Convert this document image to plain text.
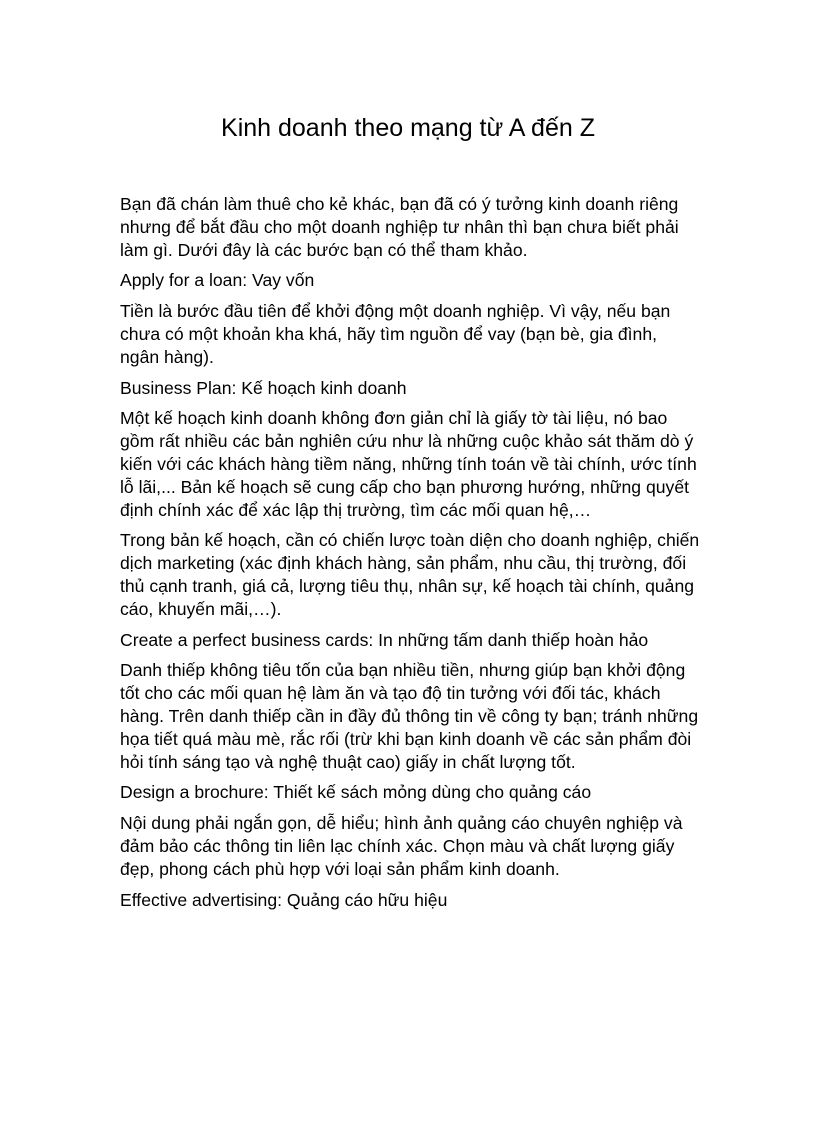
Kinh doanh theo mạng từ A đến Z

Bạn đã chán làm thuê cho kẻ khác, bạn đã có ý tưởng kinh doanh riêng nhưng để bắt đầu cho một doanh nghiệp tư nhân thì bạn chưa biết phải làm gì. Dưới đây là các bước bạn có thể tham khảo.

Apply for a loan: Vay vốn

Tiền là bước đầu tiên để khởi động một doanh nghiệp. Vì vậy, nếu bạn chưa có một khoản kha khá, hãy tìm nguồn để vay (bạn bè, gia đình, ngân hàng).

Business Plan: Kế hoạch kinh doanh

Một kế hoạch kinh doanh không đơn giản chỉ là giấy tờ tài liệu, nó bao gồm rất nhiều các bản nghiên cứu như là những cuộc khảo sát thăm dò ý kiến với các khách hàng tiềm năng, những tính toán về tài chính, ước tính lỗ lãi,... Bản kế hoạch sẽ cung cấp cho bạn phương hướng, những quyết định chính xác để xác lập thị trường, tìm các mối quan hệ,…

Trong bản kế hoạch, cần có chiến lược toàn diện cho doanh nghiệp, chiến dịch marketing (xác định khách hàng, sản phẩm, nhu cầu, thị trường, đối thủ cạnh tranh, giá cả, lượng tiêu thụ, nhân sự, kế hoạch tài chính, quảng cáo, khuyến mãi,…).

Create a perfect business cards: In những tấm danh thiếp hoàn hảo

Danh thiếp không tiêu tốn của bạn nhiều tiền, nhưng giúp bạn khởi động tốt cho các mối quan hệ làm ăn và tạo độ tin tưởng với đối tác, khách hàng. Trên danh thiếp cần in đầy đủ thông tin về công ty bạn; tránh những họa tiết quá màu mè, rắc rối (trừ khi bạn kinh doanh về các sản phẩm đòi hỏi tính sáng tạo và nghệ thuật cao) giấy in chất lượng tốt.

Design a brochure: Thiết kế sách mỏng dùng cho quảng cáo

Nội dung phải ngắn gọn, dễ hiểu; hình ảnh quảng cáo chuyên nghiệp và đảm bảo các thông tin liên lạc chính xác. Chọn màu và chất lượng giấy đẹp, phong cách phù hợp với loại sản phẩm kinh doanh.

Effective advertising: Quảng cáo hữu hiệu
